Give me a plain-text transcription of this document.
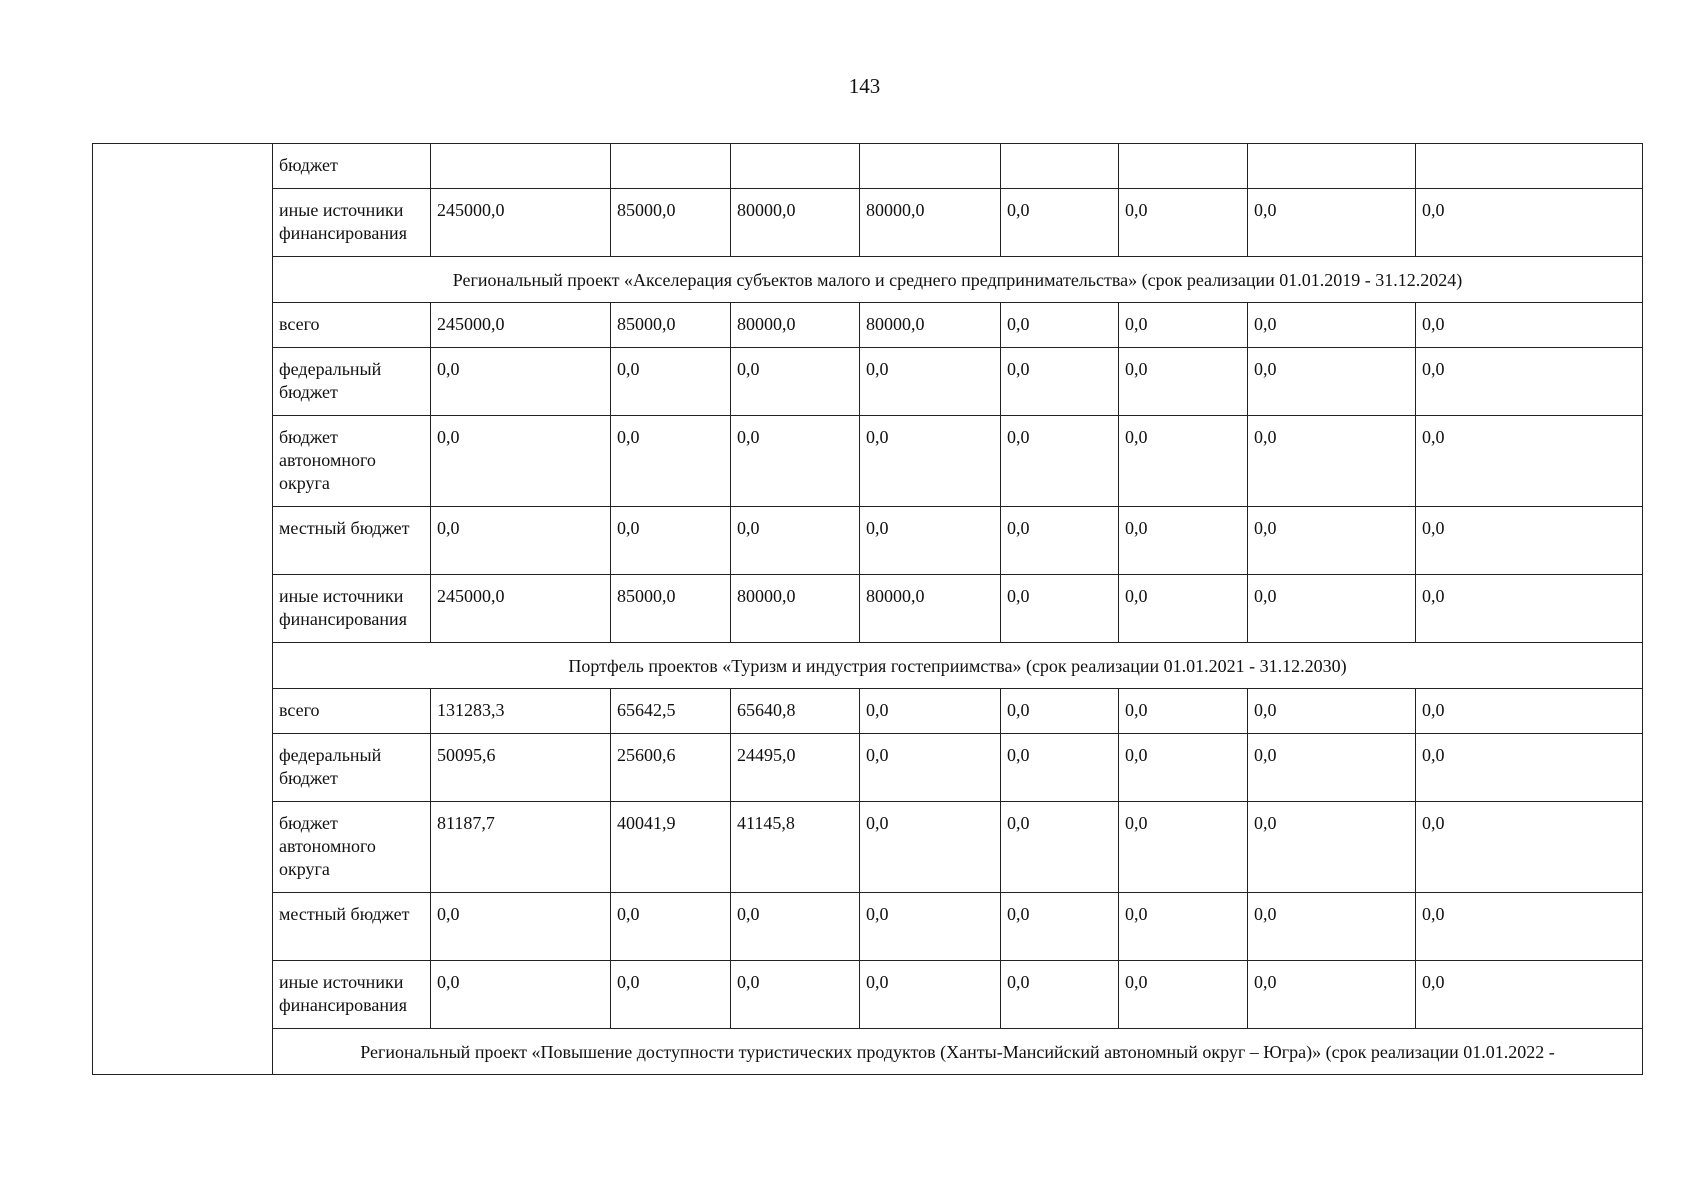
143
	бюджет								
	иные источники финансирования	245000,0	85000,0	80000,0	80000,0	0,0	0,0	0,0	0,0
	Региональный проект «Акселерация субъектов малого и среднего предпринимательства» (срок реализации 01.01.2019 - 31.12.2024)								
	всего	245000,0	85000,0	80000,0	80000,0	0,0	0,0	0,0	0,0
	федеральный бюджет	0,0	0,0	0,0	0,0	0,0	0,0	0,0	0,0
	бюджет автономного округа	0,0	0,0	0,0	0,0	0,0	0,0	0,0	0,0
	местный бюджет	0,0	0,0	0,0	0,0	0,0	0,0	0,0	0,0
	иные источники финансирования	245000,0	85000,0	80000,0	80000,0	0,0	0,0	0,0	0,0
	Портфель проектов «Туризм и индустрия гостеприимства» (срок реализации 01.01.2021 - 31.12.2030)								
	всего	131283,3	65642,5	65640,8	0,0	0,0	0,0	0,0	0,0
	федеральный бюджет	50095,6	25600,6	24495,0	0,0	0,0	0,0	0,0	0,0
	бюджет автономного округа	81187,7	40041,9	41145,8	0,0	0,0	0,0	0,0	0,0
	местный бюджет	0,0	0,0	0,0	0,0	0,0	0,0	0,0	0,0
	иные источники финансирования	0,0	0,0	0,0	0,0	0,0	0,0	0,0	0,0
	Региональный проект «Повышение доступности туристических продуктов (Ханты-Мансийский автономный округ – Югра)» (срок реализации 01.01.2022 -								
